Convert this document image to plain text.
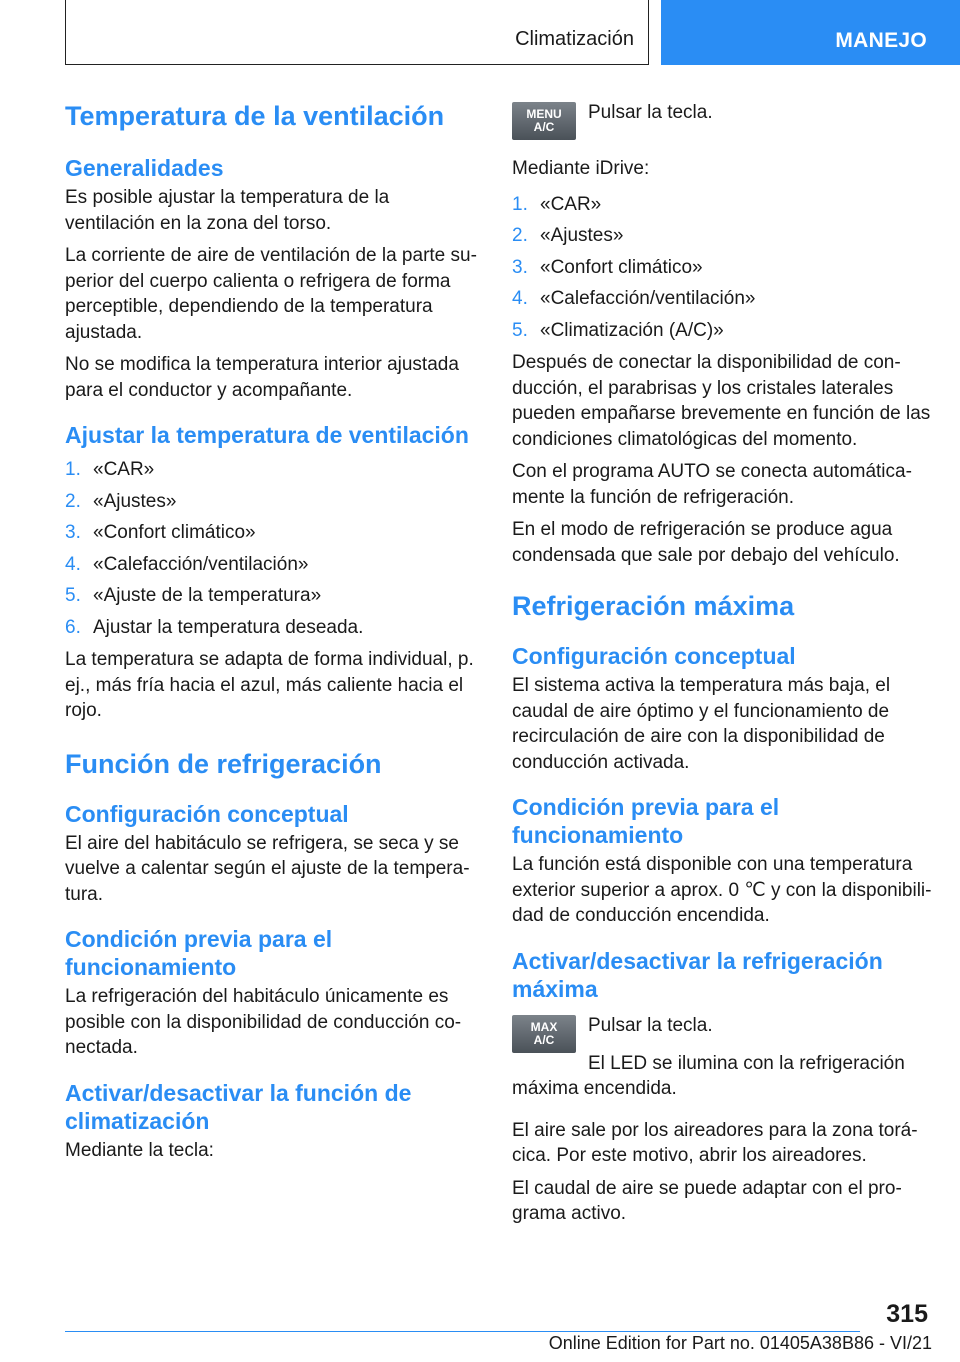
Climatización	MANEJO
Temperatura de la ventilación
Generalidades

Es posible ajustar la temperatura de la ventilación en la zona del torso.

La corriente de aire de ventilación de la parte superior del cuerpo calienta o refrigera de forma perceptible, dependiendo de la temperatura ajustada.

No se modifica la temperatura interior ajustada para el conductor y acompañante.

Ajustar la temperatura de ventilación
1. «CAR»
2. «Ajustes»
3. «Confort climático»
4. «Calefacción/ventilación»
5. «Ajuste de la temperatura»
6. Ajustar la temperatura deseada.

La temperatura se adapta de forma individual, p. ej., más fría hacia el azul, más caliente hacia el rojo.

Función de refrigeración
Configuración conceptual

El aire del habitáculo se refrigera, se seca y se vuelve a calentar según el ajuste de la temperatura.

Condición previa para el funcionamiento

La refrigeración del habitáculo únicamente es posible con la disponibilidad de conducción conectada.

Activar/desactivar la función de climatización

Mediante la tecla:

MENU
A/C

Pulsar la tecla.

Mediante iDrive:

1. «CAR»
2. «Ajustes»
3. «Confort climático»
4. «Calefacción/ventilación»
5. «Climatización (A/C)»

Después de conectar la disponibilidad de conducción, el parabrisas y los cristales laterales pueden empañarse brevemente en función de las condiciones climatológicas del momento.

Con el programa AUTO se conecta automáticamente la función de refrigeración.

En el modo de refrigeración se produce agua condensada que sale por debajo del vehículo.

Refrigeración máxima
Configuración conceptual

El sistema activa la temperatura más baja, el caudal de aire óptimo y el funcionamiento de recirculación de aire con la disponibilidad de conducción activada.

Condición previa para el funcionamiento

La función está disponible con una temperatura exterior superior a aprox. 0 ℃ y con la disponibilidad de conducción encendida.

Activar/desactivar la refrigeración máxima
MAX
A/C

Pulsar la tecla.

El LED se ilumina con la refrigeración máxima encendida.

El aire sale por los aireadores para la zona torácica. Por este motivo, abrir los aireadores.

El caudal de aire se puede adaptar con el programa activo.

315
Online Edition for Part no. 01405A38B86 - VI/21
